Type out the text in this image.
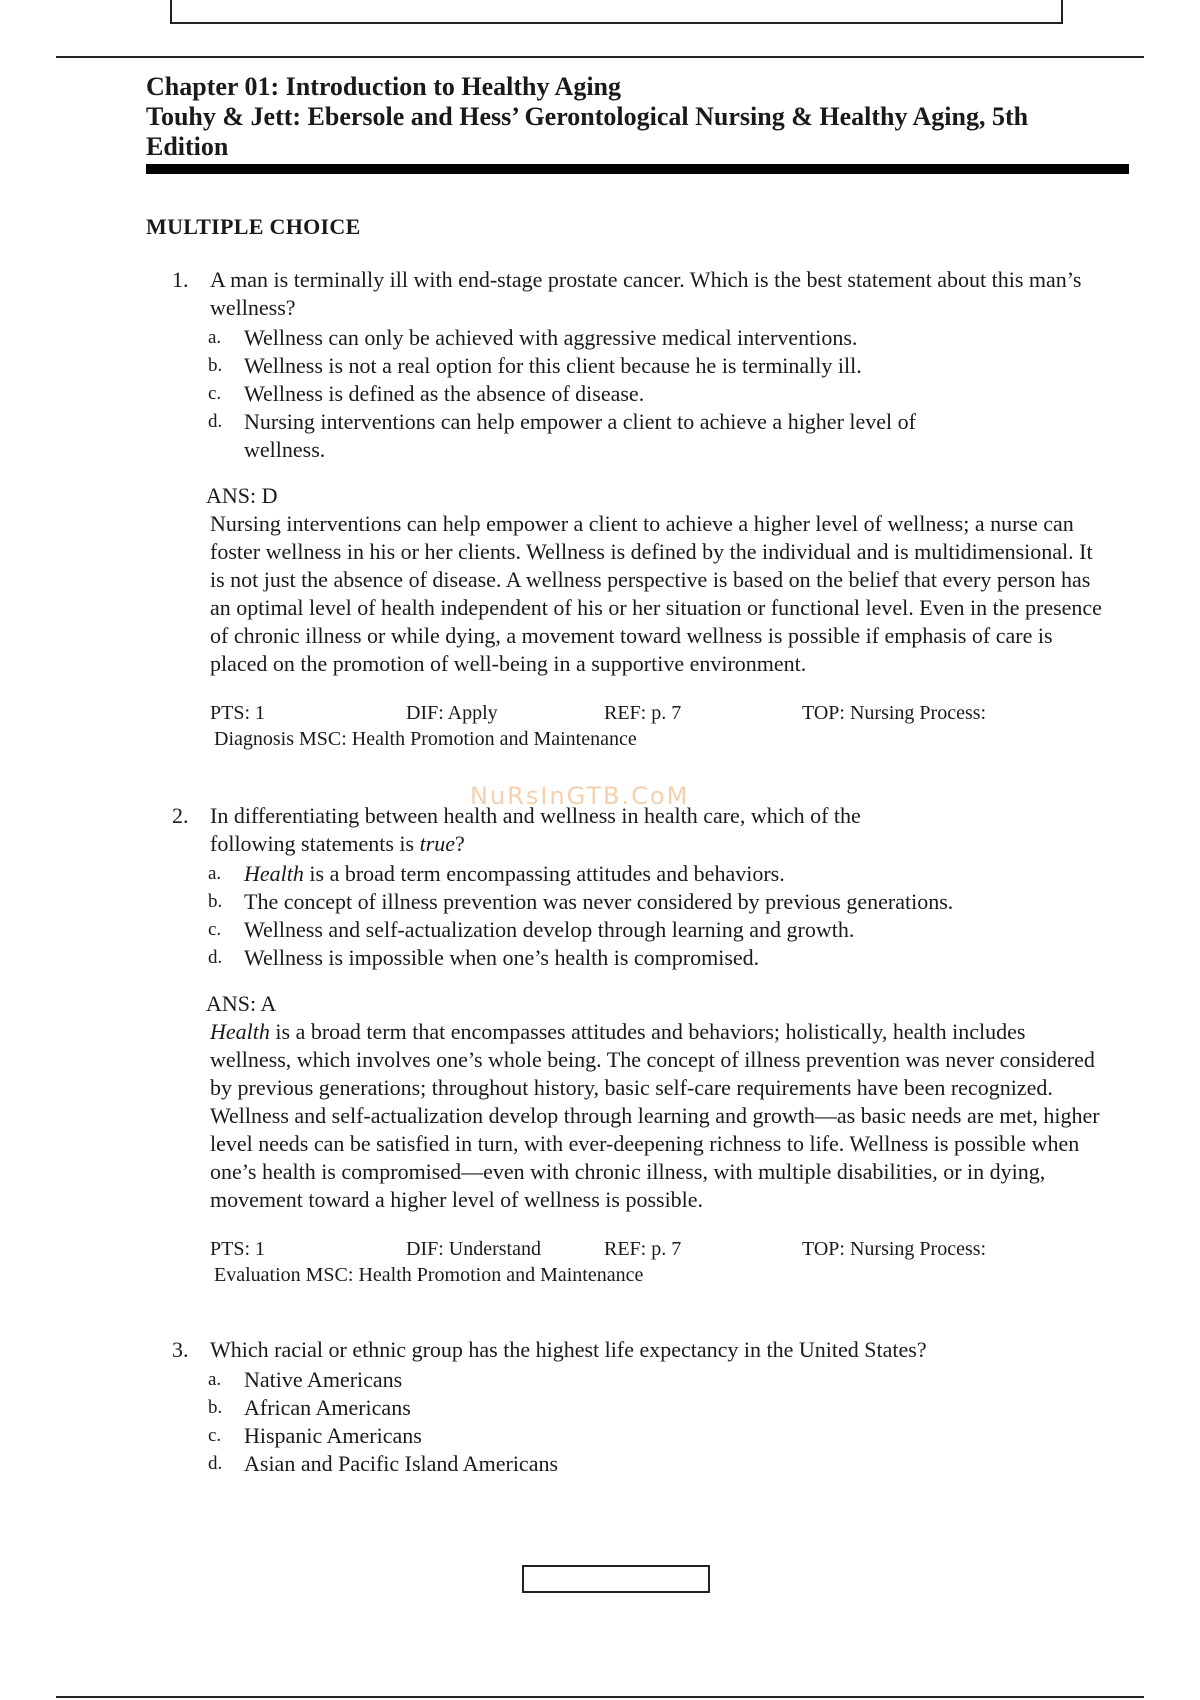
Chapter 01: Introduction to Healthy Aging
Touhy & Jett: Ebersole and Hess’ Gerontological Nursing & Healthy Aging, 5th
Edition
MULTIPLE CHOICE
1. A man is terminally ill with end-stage prostate cancer. Which is the best statement about this man’s wellness?
a. Wellness can only be achieved with aggressive medical interventions.
b. Wellness is not a real option for this client because he is terminally ill.
c. Wellness is defined as the absence of disease.
d. Nursing interventions can help empower a client to achieve a higher level of wellness.
ANS: D
Nursing interventions can help empower a client to achieve a higher level of wellness; a nurse can foster wellness in his or her clients. Wellness is defined by the individual and is multidimensional. It is not just the absence of disease. A wellness perspective is based on the belief that every person has an optimal level of health independent of his or her situation or functional level. Even in the presence of chronic illness or while dying, a movement toward wellness is possible if emphasis of care is placed on the promotion of well-being in a supportive environment.
PTS: 1	DIF: Apply	REF: p. 7	TOP: Nursing Process:
Diagnosis MSC: Health Promotion and Maintenance
NuRsInGTB.CoM
2. In differentiating between health and wellness in health care, which of the following statements is true?
a. Health is a broad term encompassing attitudes and behaviors.
b. The concept of illness prevention was never considered by previous generations.
c. Wellness and self-actualization develop through learning and growth.
d. Wellness is impossible when one’s health is compromised.
ANS: A
Health is a broad term that encompasses attitudes and behaviors; holistically, health includes wellness, which involves one’s whole being. The concept of illness prevention was never considered by previous generations; throughout history, basic self-care requirements have been recognized. Wellness and self-actualization develop through learning and growth—as basic needs are met, higher level needs can be satisfied in turn, with ever-deepening richness to life. Wellness is possible when one’s health is compromised—even with chronic illness, with multiple disabilities, or in dying, movement toward a higher level of wellness is possible.
PTS: 1	DIF: Understand	REF: p. 7	TOP: Nursing Process:
Evaluation MSC: Health Promotion and Maintenance
3. Which racial or ethnic group has the highest life expectancy in the United States?
a. Native Americans
b. African Americans
c. Hispanic Americans
d. Asian and Pacific Island Americans
